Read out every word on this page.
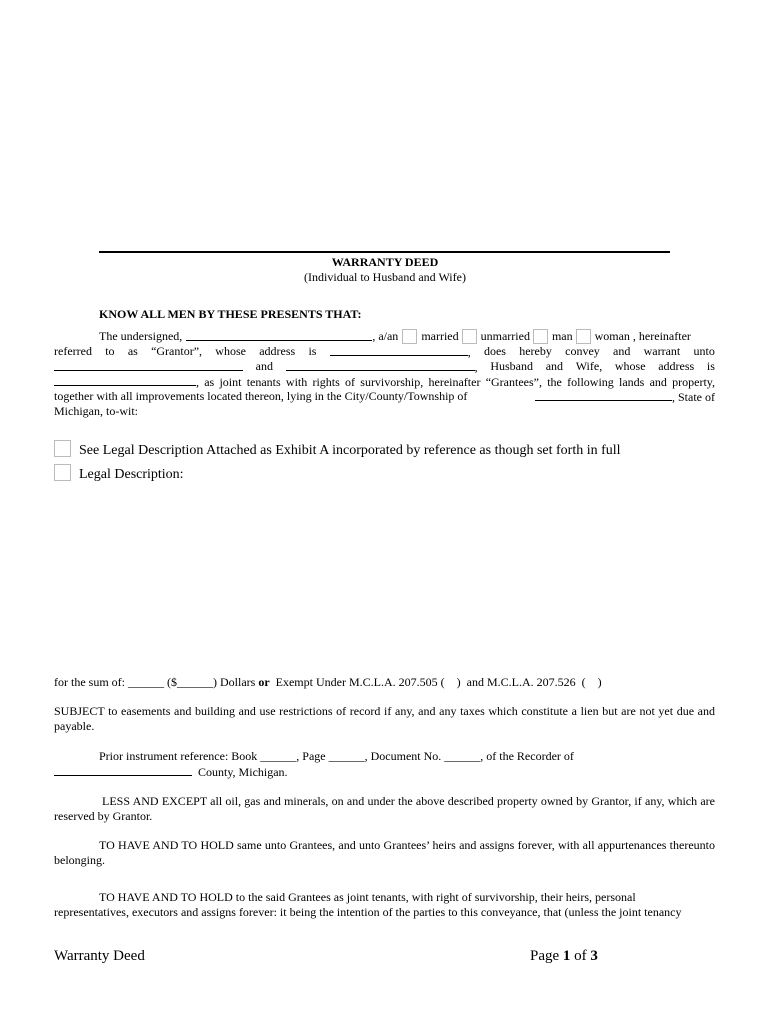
WARRANTY DEED
(Individual to Husband and Wife)
KNOW ALL MEN BY THESE PRESENTS THAT:
The undersigned,	, a/an married unmarried man woman , hereinafter
referred to as “Grantor”, whose address is	, does hereby convey and warrant unto
and	, Husband and Wife, whose address is
, as joint tenants with rights of survivorship, hereinafter “Grantees”, the following lands and property,
together with all improvements located thereon, lying in the City/County/Township of	, State of
Michigan, to-wit:
See Legal Description Attached as Exhibit A incorporated by reference as though set forth in full
Legal Description:
for the sum of: ______ ($______) Dollars or Exempt Under M.C.L.A. 207.505 (    )  and M.C.L.A. 207.526  (    )
SUBJECT to easements and building and use restrictions of record if any, and any taxes which constitute a lien but are not yet due and payable.
Prior instrument reference: Book ______, Page ______, Document No. ______, of the Recorder of
County, Michigan.
LESS AND EXCEPT all oil, gas and minerals, on and under the above described property owned by Grantor, if any, which are reserved by Grantor.
TO HAVE AND TO HOLD same unto Grantees, and unto Grantees’ heirs and assigns forever, with all appurtenances thereunto belonging.
TO HAVE AND TO HOLD to the said Grantees as joint tenants, with right of survivorship, their heirs, personal
representatives, executors and assigns forever: it being the intention of the parties to this conveyance, that (unless the joint tenancy
Warranty Deed	Page 1 of 3
